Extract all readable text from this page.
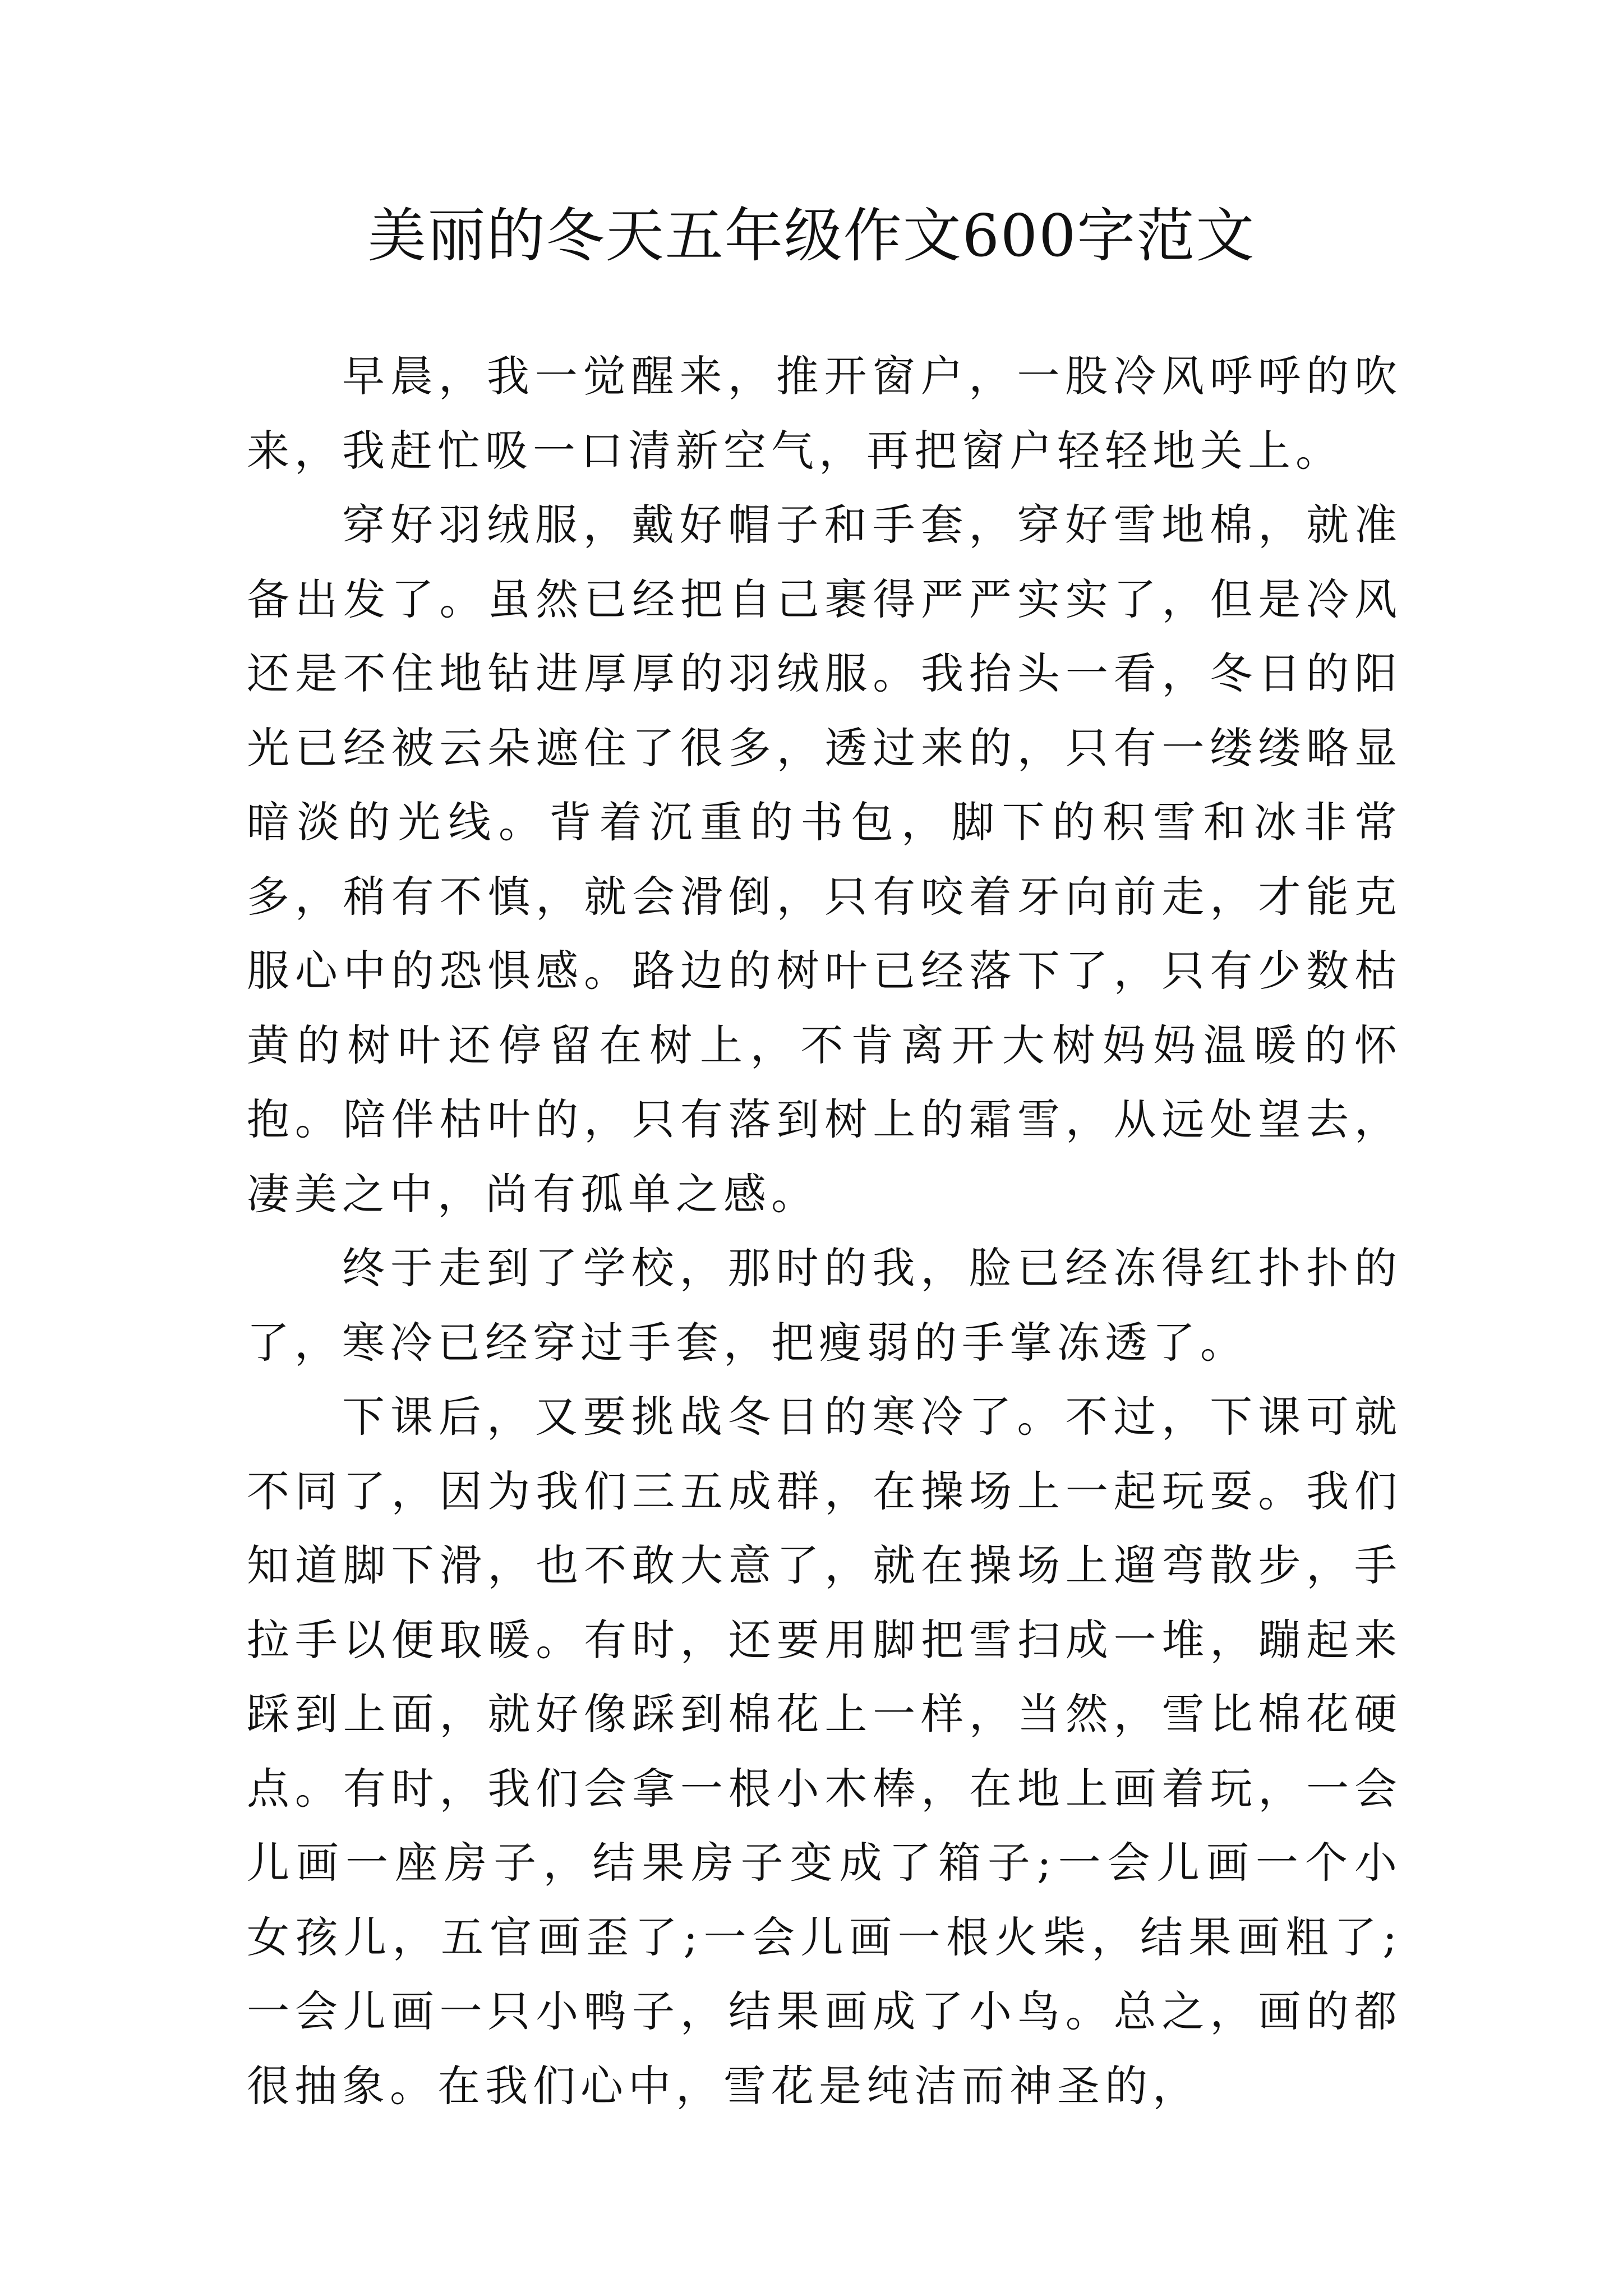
美丽的冬天五年级作文600字范文

早晨，我一觉醒来，推开窗户，一股冷风呼呼的吹来，我赶忙吸一口清新空气，再把窗户轻轻地关上。

穿好羽绒服，戴好帽子和手套，穿好雪地棉，就准备出发了。虽然已经把自己裹得严严实实了，但是冷风还是不住地钻进厚厚的羽绒服。我抬头一看，冬日的阳光已经被云朵遮住了很多，透过来的，只有一缕缕略显暗淡的光线。背着沉重的书包，脚下的积雪和冰非常多，稍有不慎，就会滑倒，只有咬着牙向前走，才能克服心中的恐惧感。路边的树叶已经落下了，只有少数枯黄的树叶还停留在树上，不肯离开大树妈妈温暖的怀抱。陪伴枯叶的，只有落到树上的霜雪，从远处望去，凄美之中，尚有孤单之感。

终于走到了学校，那时的我，脸已经冻得红扑扑的了，寒冷已经穿过手套，把瘦弱的手掌冻透了。

下课后，又要挑战冬日的寒冷了。不过，下课可就不同了，因为我们三五成群，在操场上一起玩耍。我们知道脚下滑，也不敢大意了，就在操场上遛弯散步，手拉手以便取暖。有时，还要用脚把雪扫成一堆，蹦起来踩到上面，就好像踩到棉花上一样，当然，雪比棉花硬点。有时，我们会拿一根小木棒，在地上画着玩，一会儿画一座房子，结果房子变成了箱子;一会儿画一个小女孩儿，五官画歪了;一会儿画一根火柴，结果画粗了;一会儿画一只小鸭子，结果画成了小鸟。总之，画的都很抽象。在我们心中，雪花是纯洁而神圣的，
